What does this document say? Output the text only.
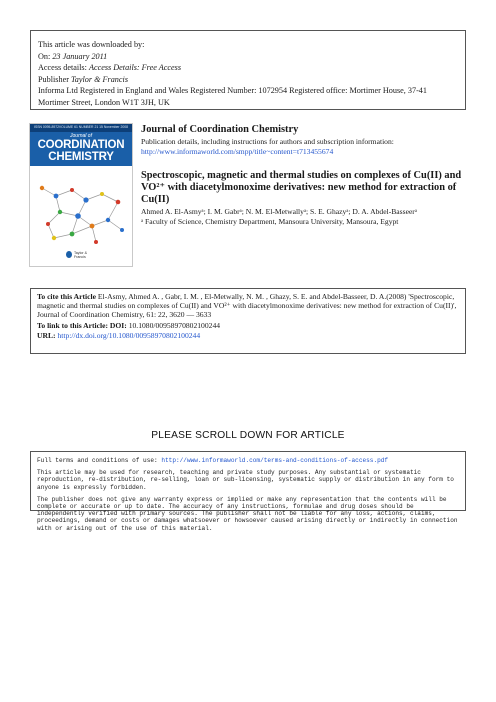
This article was downloaded by:
On: 23 January 2011
Access details: Access Details: Free Access
Publisher Taylor & Francis
Informa Ltd Registered in England and Wales Registered Number: 1072954 Registered office: Mortimer House, 37-41 Mortimer Street, London W1T 3JH, UK
ISSN 0095-8972 VOLUME 61 NUMBER 21 15 November 2008
Journal of
COORDINATION
CHEMISTRY
Taylor & Francis
Journal of Coordination Chemistry
Publication details, including instructions for authors and subscription information:
http://www.informaworld.com/smpp/title~content=t713455674
Spectroscopic, magnetic and thermal studies on complexes of Cu(II) and VO²⁺ with diacetylmonoxime derivatives: new method for extraction of Cu(II)
Ahmed A. El-Asmyᵃ; I. M. Gabrᵃ; N. M. El-Metwallyᵃ; S. E. Ghazyᵃ; D. A. Abdel-Basseerᵃ
ᵃ Faculty of Science, Chemistry Department, Mansoura University, Mansoura, Egypt

To cite this Article El-Asmy, Ahmed A. , Gabr, I. M. , El-Metwally, N. M. , Ghazy, S. E. and Abdel-Basseer, D. A.(2008) 'Spectroscopic, magnetic and thermal studies on complexes of Cu(II) and VO²⁺ with diacetylmonoxime derivatives: new method for extraction of Cu(II)', Journal of Coordination Chemistry, 61: 22, 3620 — 3633

To link to this Article: DOI: 10.1080/00958970802100244

URL: http://dx.doi.org/10.1080/00958970802100244

PLEASE SCROLL DOWN FOR ARTICLE

Full terms and conditions of use: http://www.informaworld.com/terms-and-conditions-of-access.pdf

This article may be used for research, teaching and private study purposes. Any substantial or systematic reproduction, re-distribution, re-selling, loan or sub-licensing, systematic supply or distribution in any form to anyone is expressly forbidden.

The publisher does not give any warranty express or implied or make any representation that the contents will be complete or accurate or up to date. The accuracy of any instructions, formulae and drug doses should be independently verified with primary sources. The publisher shall not be liable for any loss, actions, claims, proceedings, demand or costs or damages whatsoever or howsoever caused arising directly or indirectly in connection with or arising out of the use of this material.
